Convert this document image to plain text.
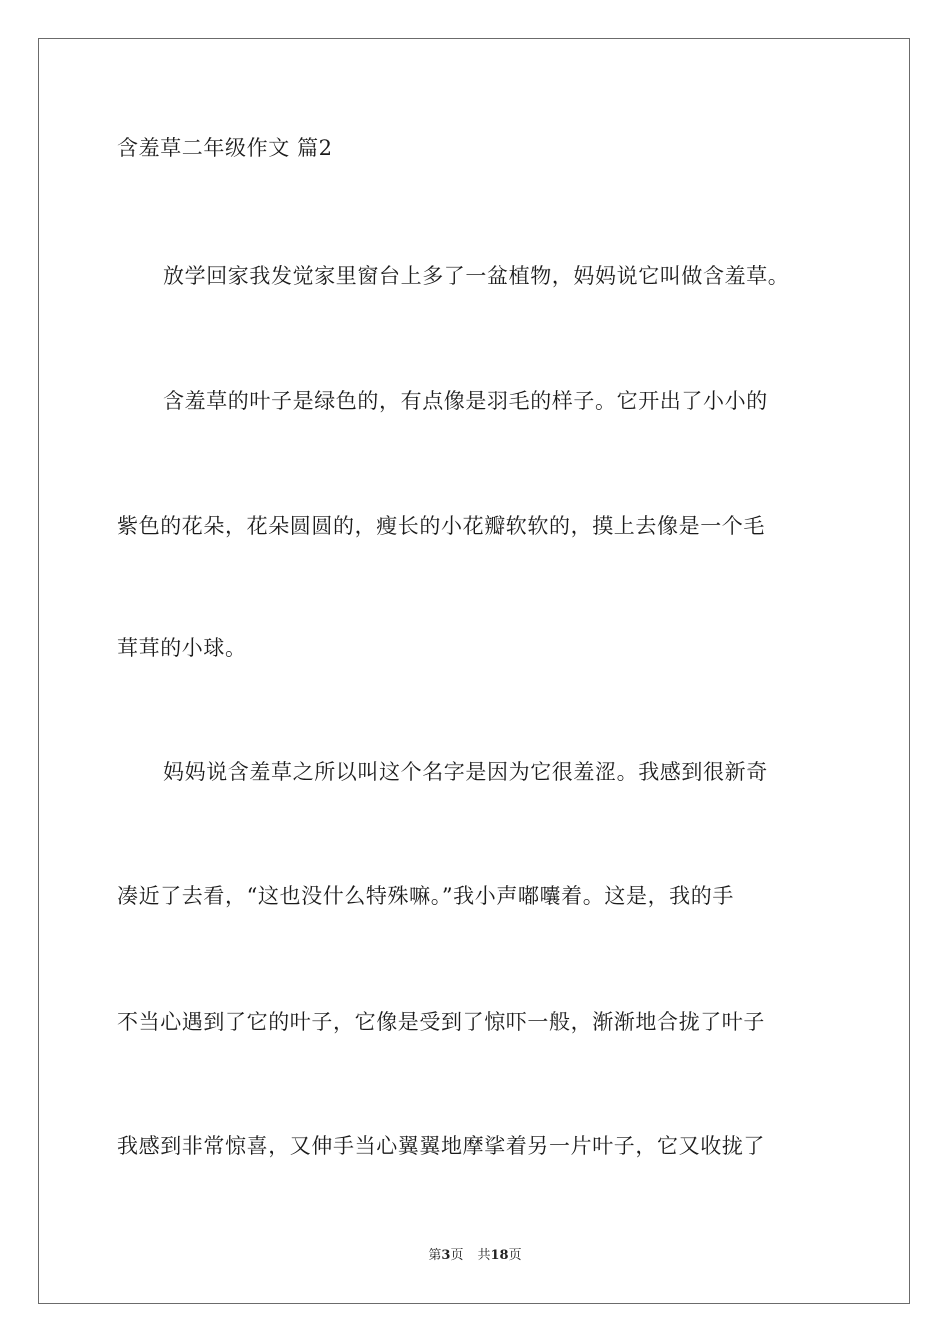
含羞草二年级作文 篇2
放学回家我发觉家里窗台上多了一盆植物，妈妈说它叫做含羞草。
含羞草的叶子是绿色的，有点像是羽毛的样子。它开出了小小的
紫色的花朵，花朵圆圆的，瘦长的小花瓣软软的，摸上去像是一个毛
茸茸的小球。
妈妈说含羞草之所以叫这个名字是因为它很羞涩。我感到很新奇
凑近了去看，“这也没什么特殊嘛。”我小声嘟囔着。这是，我的手
不当心遇到了它的叶子，它像是受到了惊吓一般，渐渐地合拢了叶子
我感到非常惊喜，又伸手当心翼翼地摩挲着另一片叶子，它又收拢了
第3页 共18页
